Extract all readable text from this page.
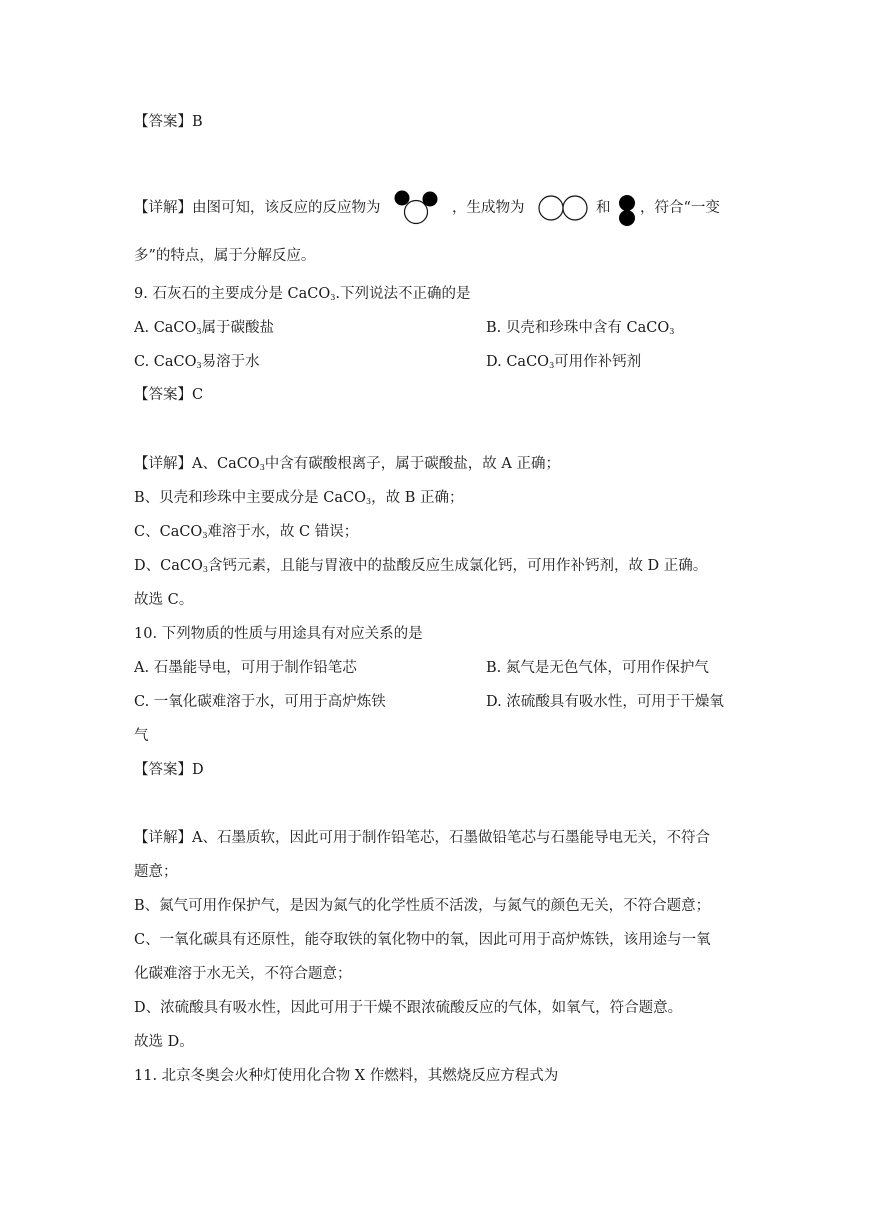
【答案】B
【详解】由图可知，该反应的反应物为	，生成物为	和 ，符合“一变
多”的特点，属于分解反应。
9. 石灰石的主要成分是 CaCO$_3$.下列说法不正确的是
A. CaCO$_3$属于碳酸盐	B. 贝壳和珍珠中含有 CaCO$_3$
C. CaCO$_3$易溶于水	D. CaCO$_3$可用作补钙剂
【答案】C
【详解】A、CaCO$_3$中含有碳酸根离子，属于碳酸盐，故 A 正确；
B、贝壳和珍珠中主要成分是 CaCO$_3$，故 B 正确；
C、CaCO$_3$难溶于水，故 C 错误；
D、CaCO$_3$含钙元素，且能与胃液中的盐酸反应生成氯化钙，可用作补钙剂，故 D 正确。
故选 C。
10. 下列物质的性质与用途具有对应关系的是
A. 石墨能导电，可用于制作铅笔芯	B. 氮气是无色气体，可用作保护气
C. 一氧化碳难溶于水，可用于高炉炼铁	D. 浓硫酸具有吸水性，可用于干燥氧
气
【答案】D
【详解】A、石墨质软，因此可用于制作铅笔芯，石墨做铅笔芯与石墨能导电无关，不符合
题意；
B、氮气可用作保护气，是因为氮气的化学性质不活泼，与氮气的颜色无关，不符合题意；
C、一氧化碳具有还原性，能夺取铁的氧化物中的氧，因此可用于高炉炼铁，该用途与一氧
化碳难溶于水无关，不符合题意；
D、浓硫酸具有吸水性，因此可用于干燥不跟浓硫酸反应的气体，如氧气，符合题意。
故选 D。
11. 北京冬奥会火种灯使用化合物 X 作燃料，其燃烧反应方程式为
